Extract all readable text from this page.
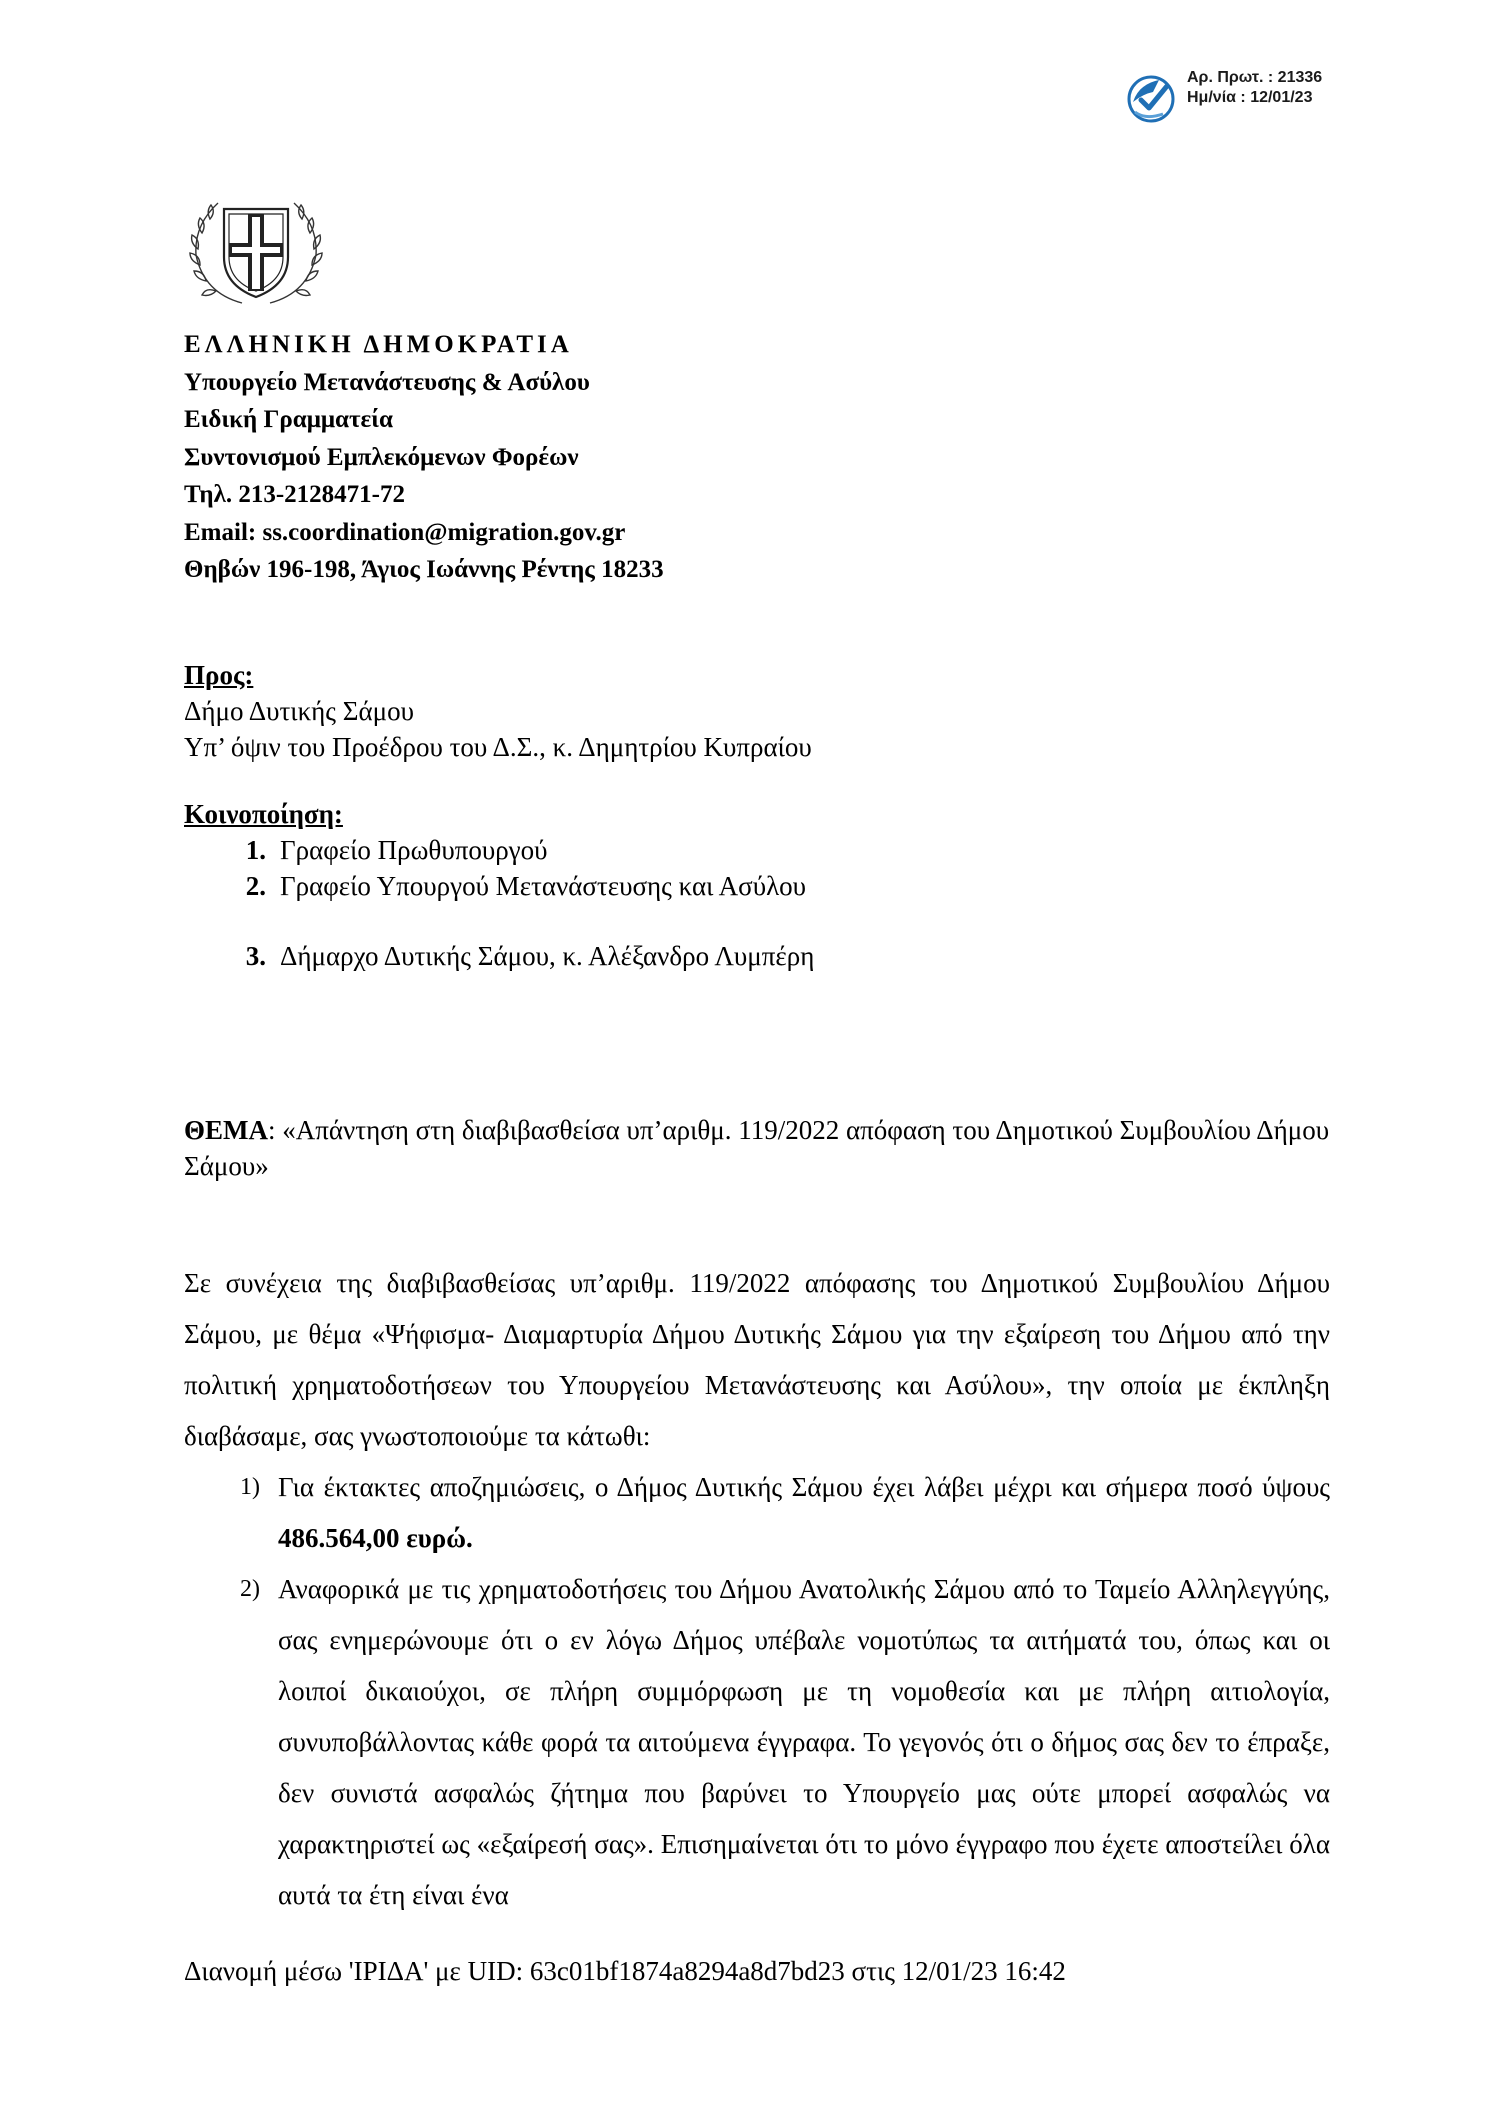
Αρ. Πρωτ. : 21336
Ημ/νία : 12/01/23
ΕΛΛΗΝΙΚΗ ΔΗΜΟΚΡΑΤΙΑ
Υπουργείο Μετανάστευσης & Ασύλου
Ειδική Γραμματεία
Συντονισμού Εμπλεκόμενων Φορέων
Τηλ. 213-2128471-72
Email: ss.coordination@migration.gov.gr
Θηβών 196-198, Άγιος Ιωάννης Ρέντης 18233
Προς:
Δήμο Δυτικής Σάμου
Υπ’ όψιν του Προέδρου του Δ.Σ., κ. Δημητρίου Κυπραίου
Κοινοποίηση:
1. Γραφείο Πρωθυπουργού
2. Γραφείο Υπουργού Μετανάστευσης και Ασύλου
3. Δήμαρχο Δυτικής Σάμου, κ. Αλέξανδρο Λυμπέρη
ΘΕΜΑ: «Απάντηση στη διαβιβασθείσα υπ’αριθμ. 119/2022 απόφαση του Δημοτικού Συμβουλίου Δήμου Σάμου»

Σε συνέχεια της διαβιβασθείσας υπ’αριθμ. 119/2022 απόφασης του Δημοτικού Συμβουλίου Δήμου Σάμου, με θέμα «Ψήφισμα- Διαμαρτυρία Δήμου Δυτικής Σάμου για την εξαίρεση του Δήμου από την πολιτική χρηματοδοτήσεων του Υπουργείου Μετανάστευσης και Ασύλου», την οποία με έκπληξη διαβάσαμε, σας γνωστοποιούμε τα κάτωθι:

1) Για έκτακτες αποζημιώσεις, ο Δήμος Δυτικής Σάμου έχει λάβει μέχρι και σήμερα ποσό ύψους 486.564,00 ευρώ.
2) Αναφορικά με τις χρηματοδοτήσεις του Δήμου Ανατολικής Σάμου από το Ταμείο Αλληλεγγύης, σας ενημερώνουμε ότι ο εν λόγω Δήμος υπέβαλε νομοτύπως τα αιτήματά του, όπως και οι λοιποί δικαιούχοι, σε πλήρη συμμόρφωση με τη νομοθεσία και με πλήρη αιτιολογία, συνυποβάλλοντας κάθε φορά τα αιτούμενα έγγραφα. Το γεγονός ότι ο δήμος σας δεν το έπραξε, δεν συνιστά ασφαλώς ζήτημα που βαρύνει το Υπουργείο μας ούτε μπορεί ασφαλώς να χαρακτηριστεί ως «εξαίρεσή σας». Επισημαίνεται ότι το μόνο έγγραφο που έχετε αποστείλει όλα αυτά τα έτη είναι ένα
Διανομή μέσω 'ΙΡΙΔΑ' με UID: 63c01bf1874a8294a8d7bd23 στις 12/01/23 16:42
